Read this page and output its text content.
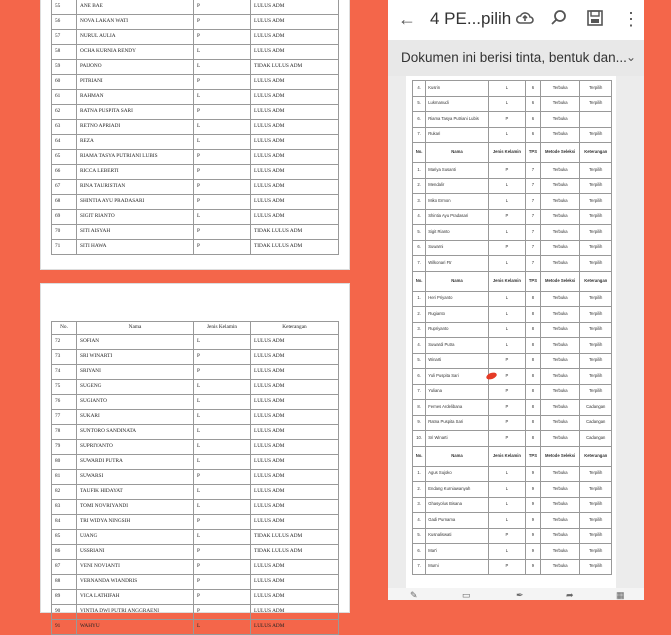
55	ANE BAE	P	LULUS ADM
56	NOVA LAKAN WATI	P	LULUS ADM
57	NURUL AULIA	P	LULUS ADM
58	OCHA KURNIA RENDY	L	LULUS ADM
59	PAIJONO	L	TIDAK LULUS ADM
60	PITRIANI	P	LULUS ADM
61	RAHMAN	L	LULUS ADM
62	RATNA PUSPITA SARI	P	LULUS ADM
63	RETNO APRIADI	L	LULUS ADM
64	REZA	L	LULUS ADM
65	RIAMA TASYA PUTRIANI LUBIS	P	LULUS ADM
66	RICCA LEBERTI	P	LULUS ADM
67	RINA TAURISTIAN	P	LULUS ADM
68	SHINTIA AYU PRADASARI	P	LULUS ADM
69	SIGIT RIANTO	L	LULUS ADM
70	SITI AISYAH	P	TIDAK LULUS ADM
71	SITI HAWA	P	TIDAK LULUS ADM
No.	Nama	Jenis Kelamin	Keterangan
72	SOFIAN	L	LULUS ADM
73	SRI WINARTI	P	LULUS ADM
74	SRIYANI	P	LULUS ADM
75	SUGENG	L	LULUS ADM
76	SUGIANTO	L	LULUS ADM
77	SUKARI	L	LULUS ADM
78	SUNTORO SANDINATA	L	LULUS ADM
79	SUPRIYANTO	L	LULUS ADM
80	SUWARDI PUTRA	L	LULUS ADM
81	SUWARSI	P	LULUS ADM
82	TAUFIK HIDAYAT	L	LULUS ADM
83	TOMI NOVRIYANDI	L	LULUS ADM
84	TRI WIDYA NINGSIH	P	LULUS ADM
85	UJANG	L	TIDAK LULUS ADM
86	USSRIANI	P	TIDAK LULUS ADM
87	VENI NOVIANTI	P	LULUS ADM
88	VERNANDA WIANDRIS	P	LULUS ADM
89	VICA LATHIFAH	P	LULUS ADM
90	VINTIA DWI PUTRI ANGGRAENI	P	LULUS ADM
91	WAHYU	L	LULUS ADM
← 4 PE...pilih	⋮
Dokumen ini berisi tinta, bentuk dan... ⌄
4.	Kusrin	L	6	Terbuka	Terpilih
5.	Lukmanudi	L	6	Terbuka	Terpilih
6.	Riama Tasya Putriani Lubis	P	6	Terbuka	
7.	Rukari	L	6	Terbuka	Terpilih
No.	Nama	Jenis Kelamin	TPS	Metode Seleksi	Keterangan
1.	Mariya Susanti	P	7	Terbuka	Terpilih
2.	Mendalir	L	7	Terbuka	Terpilih
3.	Miko Ermon	L	7	Terbuka	Terpilih
4.	Shintia Ayu Pradasari	P	7	Terbuka	Terpilih
5.	Sigit Rianto	L	7	Terbuka	Terpilih
6.	Suwarni	P	7	Terbuka	Terpilih
7.	Wilkonari Ftr	L	7	Terbuka	Terpilih
No.	Nama	Jenis Kelamin	TPS	Metode Seleksi	Keterangan
1.	Heri Priyanto	L	8	Terbuka	Terpilih
2.	Rugianto	L	8	Terbuka	Terpilih
3.	Rupriyanto	L	8	Terbuka	Terpilih
4.	Suwardi Putra	L	8	Terbuka	Terpilih
5.	Winarti	P	8	Terbuka	Terpilih
6.	Yuli Puspita Sari	P	8	Terbuka	Terpilih
7.	Yuliana	P	8	Terbuka	Terpilih
8.	Fernes Ardelibana	P	8	Terbuka	Cadangan
9.	Ratna Puspita Sari	P	8	Terbuka	Cadangan
10.	Sri Winarti	P	8	Terbuka	Cadangan
No.	Nama	Jenis Kelamin	TPS	Metode Seleksi	Keterangan
1.	Agus Sujoko	L	9	Terbuka	Terpilih
2.	Endang Kurniawanyah	L	9	Terbuka	Terpilih
3.	Ghasyolus Bisana	L	9	Terbuka	Terpilih
4.	Gadi Purnama	L	9	Terbuka	Terpilih
5.	Kusnaliswati	P	9	Terbuka	Terpilih
6.	Mar'i	L	9	Terbuka	Terpilih
7.	Murni	P	9	Terbuka	Terpilih
✎	▭	✒	➦	▦
